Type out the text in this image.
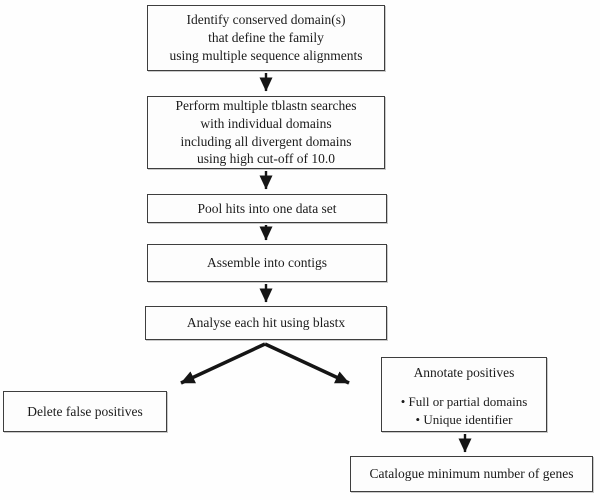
Identify conserved domain(s)
that define the family
using multiple sequence alignments
Perform multiple tblastn searches
with individual domains
including all divergent domains
using high cut-off of 10.0
Pool hits into one data set
Assemble into contigs
Analyse each hit using blastx
Delete false positives
Annotate positives
• Full or partial domains
• Unique identifier
Catalogue minimum number of genes
